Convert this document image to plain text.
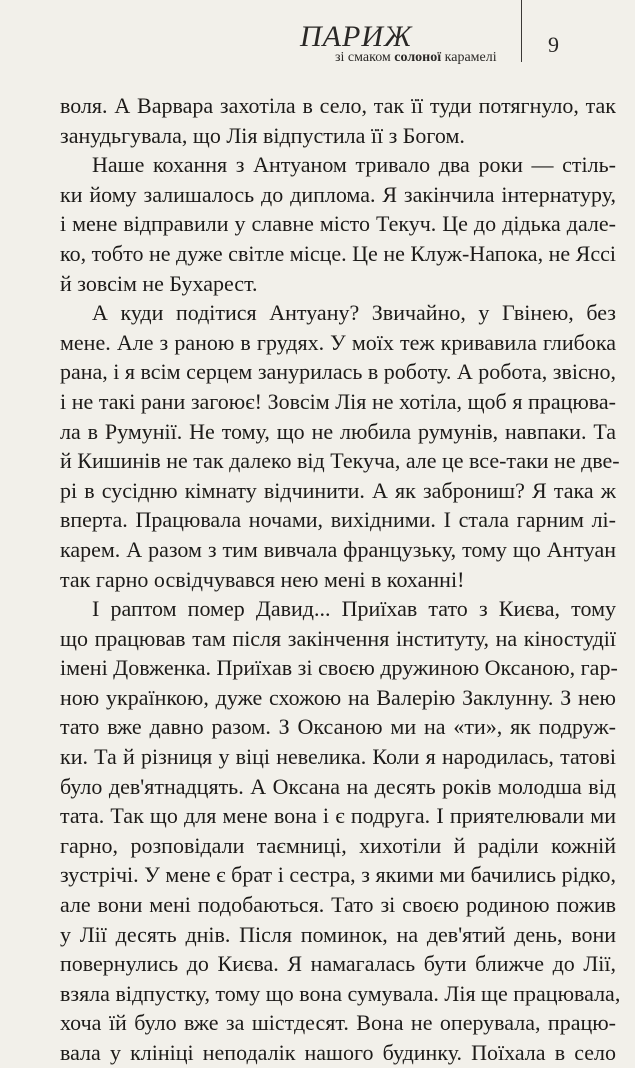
ПАРИЖ
зі смаком солоної карамелі
9

воля. А Варвара захотіла в село, так її туди потягнуло, так
занудьгувала, що Лія відпустила її з Богом.

Наше кохання з Антуаном тривало два роки — стіль-
ки йому залишалось до диплома. Я закінчила інтернатуру,
і мене відправили у славне місто Текуч. Це до дідька дале-
ко, тобто не дуже світле місце. Це не Клуж-Напока, не Яссі
й зовсім не Бухарест.

А куди подітися Антуану? Звичайно, у Гвінею, без
мене. Але з раною в грудях. У моїх теж кривавила глибока
рана, і я всім серцем занурилась в роботу. А робота, звісно,
і не такі рани загоює! Зовсім Лія не хотіла, щоб я працюва-
ла в Румунії. Не тому, що не любила румунів, навпаки. Та
й Кишинів не так далеко від Текуча, але це все-таки не две-
рі в сусідню кімнату відчинити. А як заброниш? Я така ж
вперта. Працювала ночами, вихідними. І стала гарним лі-
карем. А разом з тим вивчала французьку, тому що Антуан
так гарно освідчувався нею мені в коханні!

І раптом помер Давид... Приїхав тато з Києва, тому
що працював там після закінчення інституту, на кіностудії
імені Довженка. Приїхав зі своєю дружиною Оксаною, гар-
ною українкою, дуже схожою на Валерію Заклунну. З нею
тато вже давно разом. З Оксаною ми на «ти», як подруж-
ки. Та й різниця у віці невелика. Коли я народилась, татові
було дев'ятнадцять. А Оксана на десять років молодша від
тата. Так що для мене вона і є подруга. І приятелювали ми
гарно, розповідали таємниці, хихотіли й раділи кожній
зустрічі. У мене є брат і сестра, з якими ми бачились рідко,
але вони мені подобаються. Тато зі своєю родиною пожив
у Лії десять днів. Після поминок, на дев'ятий день, вони
повернулись до Києва. Я намагалась бути ближче до Лії,
взяла відпустку, тому що вона сумувала. Лія ще працювала,
хоча їй було вже за шістдесят. Вона не оперувала, працю-
вала у клініці неподалік нашого будинку. Поїхала в село
